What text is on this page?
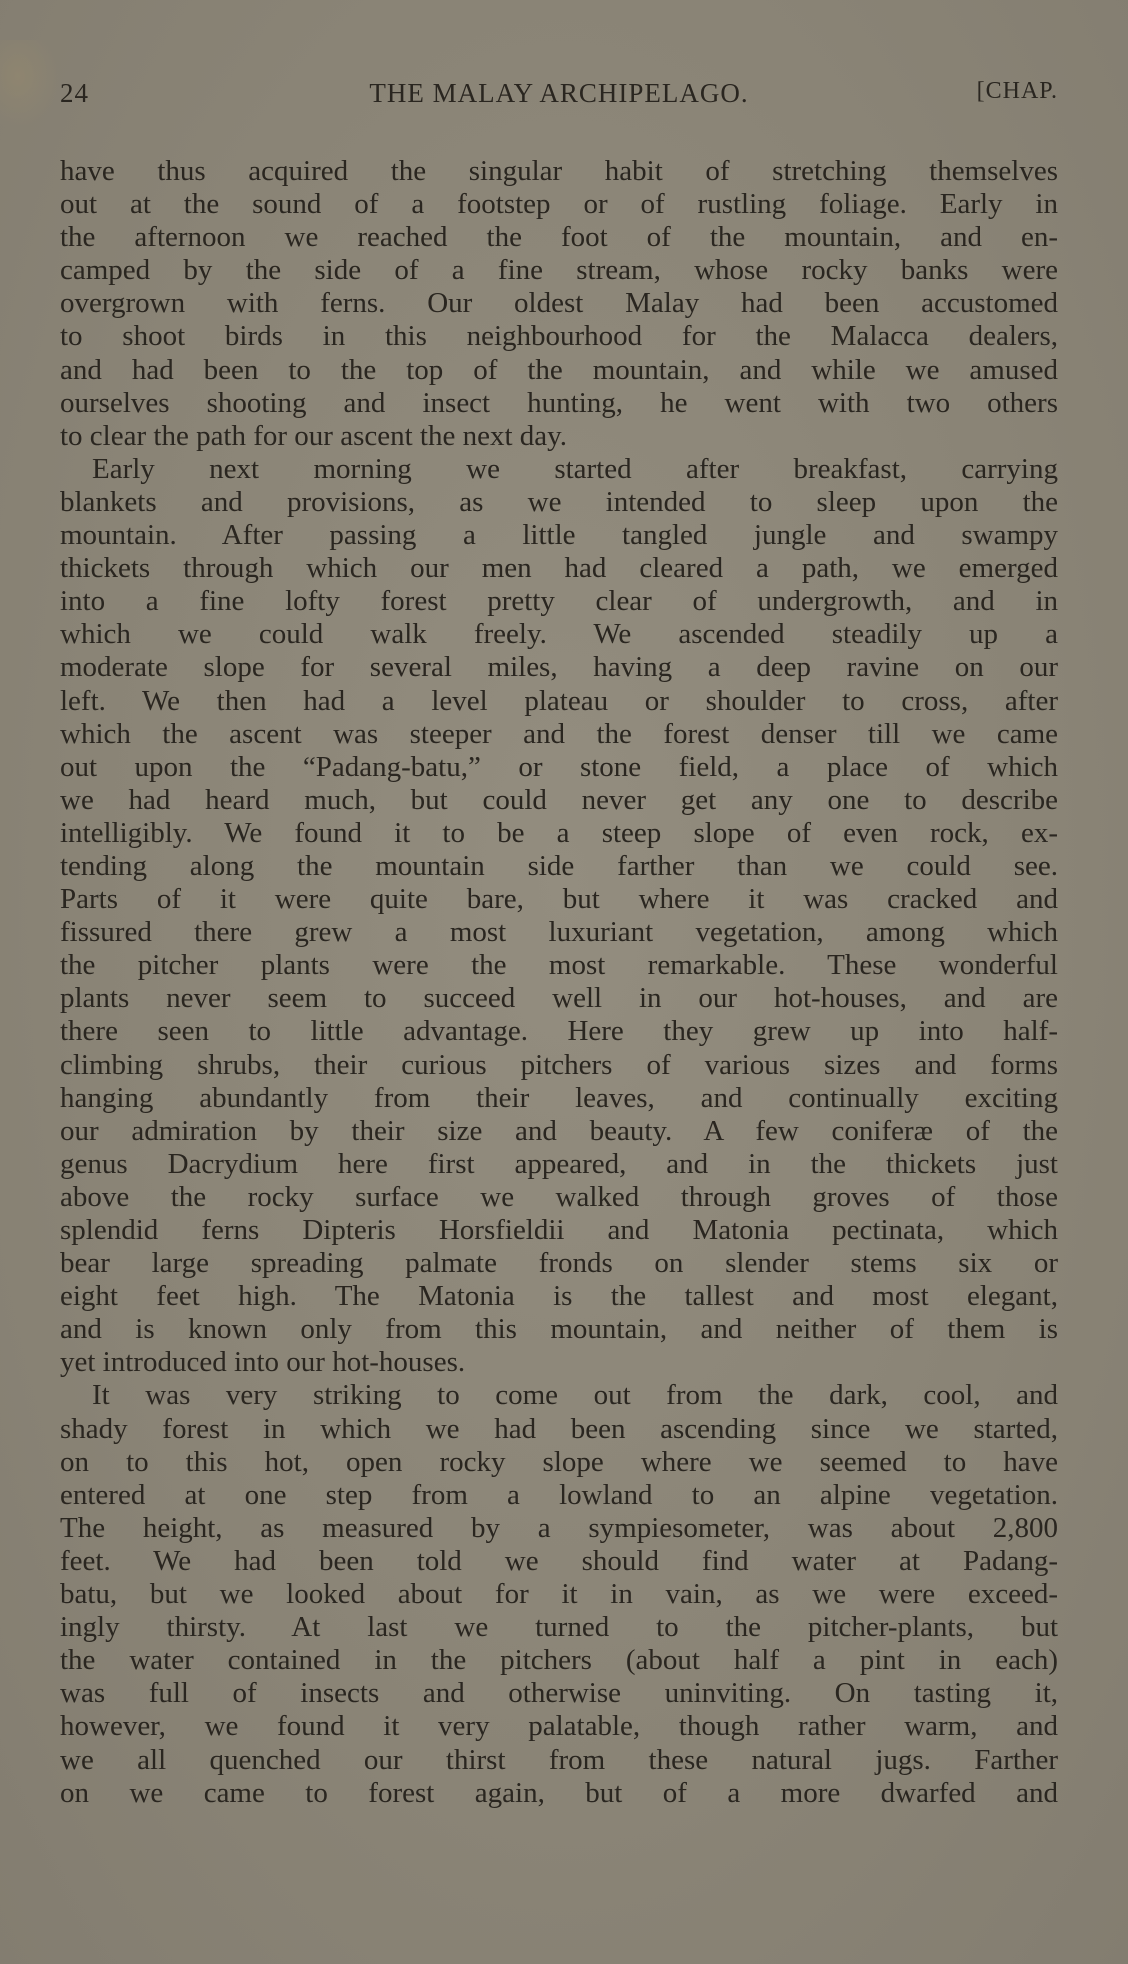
THE MALAY ARCHIPELAGO.
24	[CHAP.
have thus acquired the singular habit of stretching themselves
out at the sound of a footstep or of rustling foliage. Early in
the afternoon we reached the foot of the mountain, and en-
camped by the side of a fine stream, whose rocky banks were
overgrown with ferns. Our oldest Malay had been accustomed
to shoot birds in this neighbourhood for the Malacca dealers,
and had been to the top of the mountain, and while we amused
ourselves shooting and insect hunting, he went with two others
to clear the path for our ascent the next day.
Early next morning we started after breakfast, carrying
blankets and provisions, as we intended to sleep upon the
mountain. After passing a little tangled jungle and swampy
thickets through which our men had cleared a path, we emerged
into a fine lofty forest pretty clear of undergrowth, and in
which we could walk freely. We ascended steadily up a
moderate slope for several miles, having a deep ravine on our
left. We then had a level plateau or shoulder to cross, after
which the ascent was steeper and the forest denser till we came
out upon the “Padang-batu,” or stone field, a place of which
we had heard much, but could never get any one to describe
intelligibly. We found it to be a steep slope of even rock, ex-
tending along the mountain side farther than we could see.
Parts of it were quite bare, but where it was cracked and
fissured there grew a most luxuriant vegetation, among which
the pitcher plants were the most remarkable. These wonderful
plants never seem to succeed well in our hot-houses, and are
there seen to little advantage. Here they grew up into half-
climbing shrubs, their curious pitchers of various sizes and forms
hanging abundantly from their leaves, and continually exciting
our admiration by their size and beauty. A few coniferæ of the
genus Dacrydium here first appeared, and in the thickets just
above the rocky surface we walked through groves of those
splendid ferns Dipteris Horsfieldii and Matonia pectinata, which
bear large spreading palmate fronds on slender stems six or
eight feet high. The Matonia is the tallest and most elegant,
and is known only from this mountain, and neither of them is
yet introduced into our hot-houses.
It was very striking to come out from the dark, cool, and
shady forest in which we had been ascending since we started,
on to this hot, open rocky slope where we seemed to have
entered at one step from a lowland to an alpine vegetation.
The height, as measured by a sympiesometer, was about 2,800
feet. We had been told we should find water at Padang-
batu, but we looked about for it in vain, as we were exceed-
ingly thirsty. At last we turned to the pitcher-plants, but
the water contained in the pitchers (about half a pint in each)
was full of insects and otherwise uninviting. On tasting it,
however, we found it very palatable, though rather warm, and
we all quenched our thirst from these natural jugs. Farther
on we came to forest again, but of a more dwarfed and
